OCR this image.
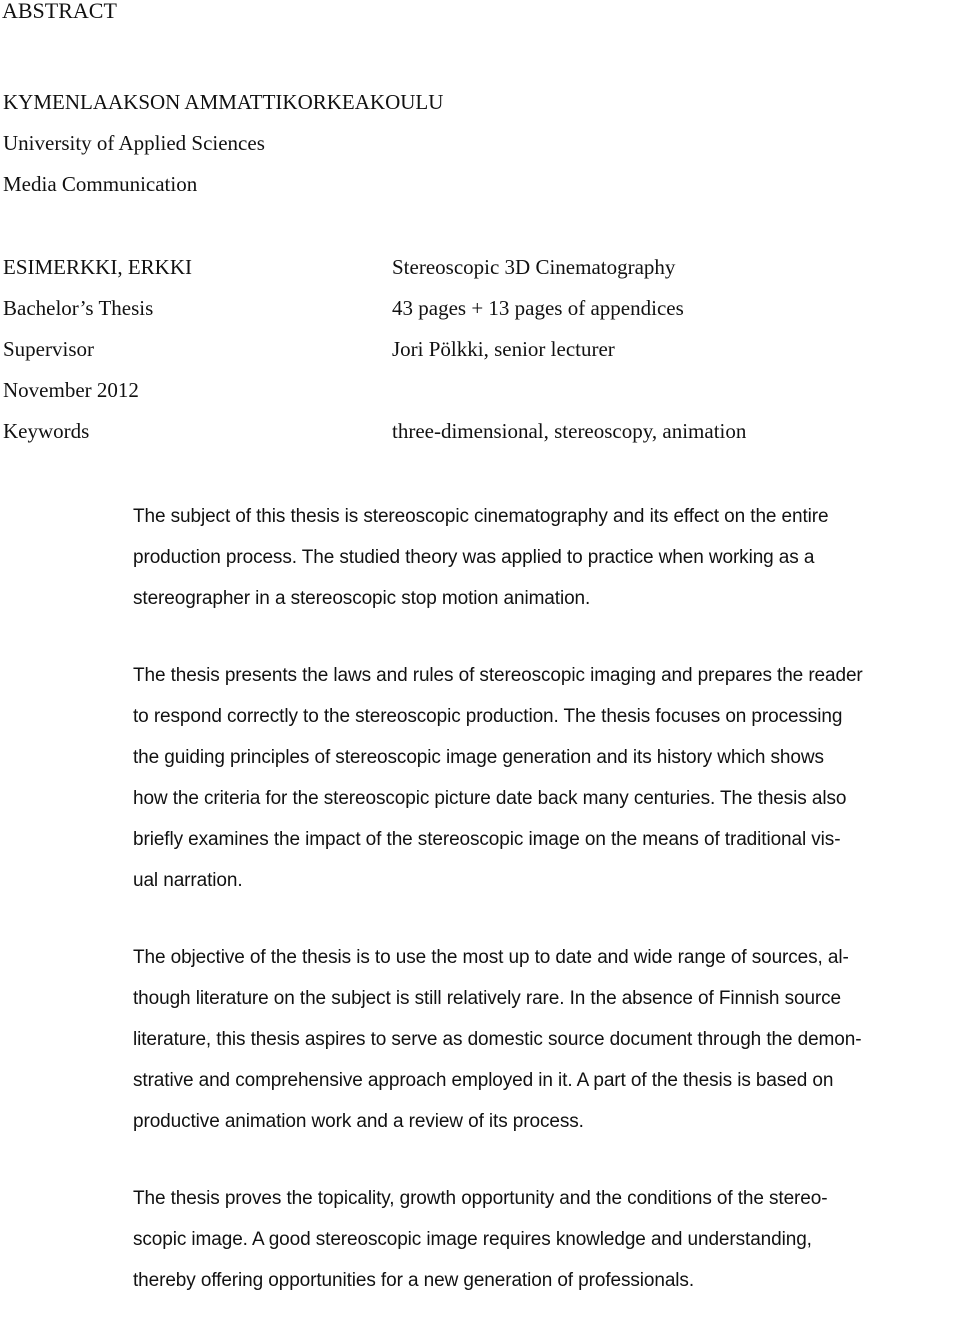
ABSTRACT
KYMENLAAKSON AMMATTIKORKEAKOULU
University of Applied Sciences
Media Communication
ESIMERKKI, ERKKI
Bachelor’s Thesis
Supervisor
November 2012
Keywords
Stereoscopic 3D Cinematography
43 pages + 13 pages of appendices
Jori Pölkki, senior lecturer
three-dimensional, stereoscopy, animation

The subject of this thesis is stereoscopic cinematography and its effect on the entire
production process. The studied theory was applied to practice when working as a
stereographer in a stereoscopic stop motion animation.

The thesis presents the laws and rules of stereoscopic imaging and prepares the reader
to respond correctly to the stereoscopic production. The thesis focuses on processing
the guiding principles of stereoscopic image generation and its history which shows
how the criteria for the stereoscopic picture date back many centuries. The thesis also
briefly examines the impact of the stereoscopic image on the means of traditional vis-
ual narration.

The objective of the thesis is to use the most up to date and wide range of sources, al-
though literature on the subject is still relatively rare. In the absence of Finnish source
literature, this thesis aspires to serve as domestic source document through the demon-
strative and comprehensive approach employed in it. A part of the thesis is based on
productive animation work and a review of its process.

The thesis proves the topicality, growth opportunity and the conditions of the stereo-
scopic image. A good stereoscopic image requires knowledge and understanding,
thereby offering opportunities for a new generation of professionals.
